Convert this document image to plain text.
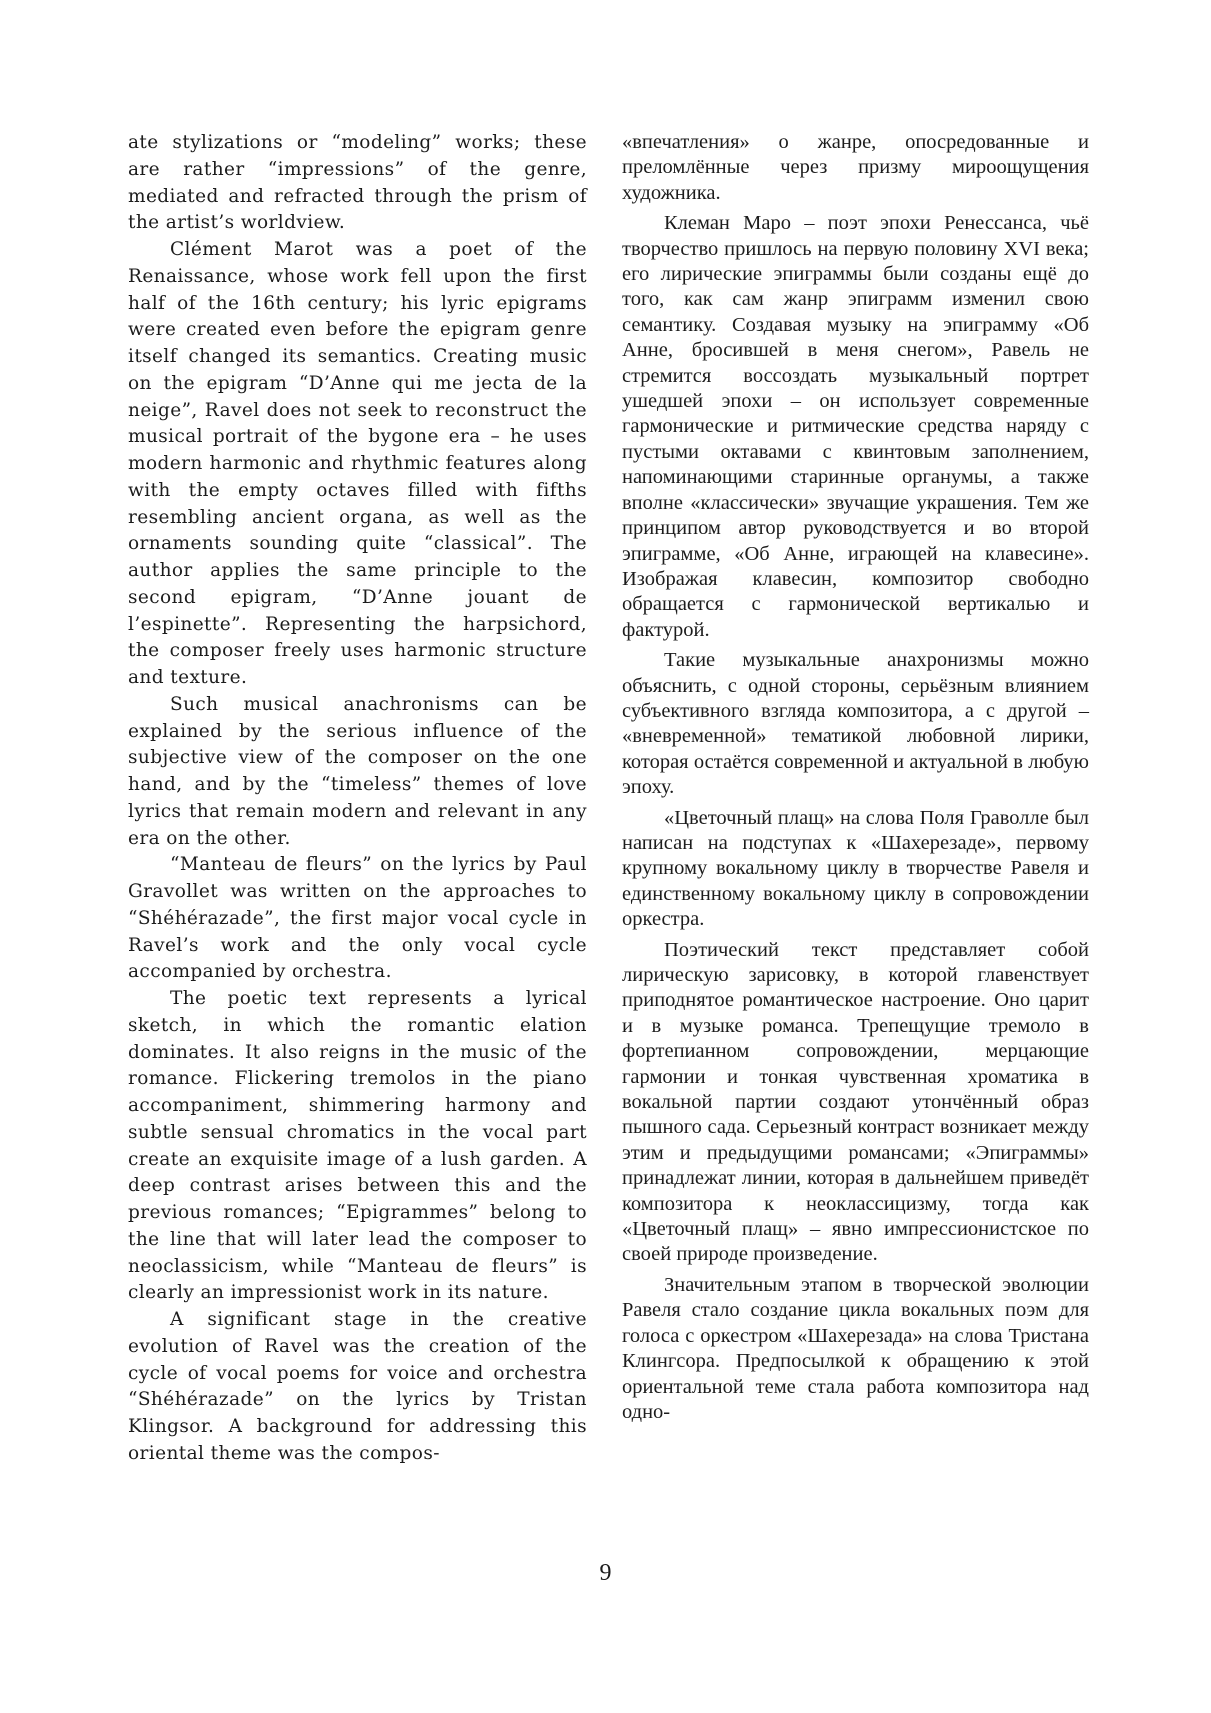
ate stylizations or “modeling” works; these are rather “impressions” of the genre, mediated and refracted through the prism of the artist’s worldview.

Clément Marot was a poet of the Renaissance, whose work fell upon the first half of the 16th century; his lyric epigrams were created even before the epigram genre itself changed its semantics. Creating music on the epigram “D’Anne qui me jecta de la neige”, Ravel does not seek to reconstruct the musical portrait of the bygone era – he uses modern harmonic and rhythmic features along with the empty octaves filled with fifths resembling ancient organa, as well as the ornaments sounding quite “classical”. The author applies the same principle to the second epigram, “D’Anne jouant de l’espinette”. Representing the harpsichord, the composer freely uses harmonic structure and texture.

Such musical anachronisms can be explained by the serious influence of the subjective view of the composer on the one hand, and by the “timeless” themes of love lyrics that remain modern and relevant in any era on the other.

“Manteau de fleurs” on the lyrics by Paul Gravollet was written on the approaches to “Shéhérazade”, the first major vocal cycle in Ravel’s work and the only vocal cycle accompanied by orchestra.

The poetic text represents a lyrical sketch, in which the romantic elation dominates. It also reigns in the music of the romance. Flickering tremolos in the piano accompaniment, shimmering harmony and subtle sensual chromatics in the vocal part create an exquisite image of a lush garden. A deep contrast arises between this and the previous romances; “Epigrammes” belong to the line that will later lead the composer to neoclassicism, while “Manteau de fleurs” is clearly an impressionist work in its nature.

A significant stage in the creative evolution of Ravel was the creation of the cycle of vocal poems for voice and orchestra “Shéhérazade” on the lyrics by Tristan Klingsor. A background for addressing this oriental theme was the compos-

«впечатления» о жанре, опосредованные и преломлённые через призму мироощущения художника.

Клеман Маро – поэт эпохи Ренессанса, чьё творчество пришлось на первую половину XVI века; его лирические эпиграммы были созданы ещё до того, как сам жанр эпиграмм изменил свою семантику. Создавая музыку на эпиграмму «Об Анне, бросившей в меня снегом», Равель не стремится воссоздать музыкальный портрет ушедшей эпохи – он использует современные гармонические и ритмические средства наряду с пустыми октавами с квинтовым заполнением, напоминающими старинные органумы, а также вполне «классически» звучащие украшения. Тем же принципом автор руководствуется и во второй эпиграмме, «Об Анне, играющей на клавесине». Изображая клавесин, композитор свободно обращается с гармонической вертикалью и фактурой.

Такие музыкальные анахронизмы можно объяснить, с одной стороны, серьёзным влиянием субъективного взгляда композитора, а с другой – «вневременной» тематикой любовной лирики, которая остаётся современной и актуальной в любую эпоху.

«Цветочный плащ» на слова Поля Граволле был написан на подступах к «Шахерезаде», первому крупному вокальному циклу в творчестве Равеля и единственному вокальному циклу в сопровождении оркестра.

Поэтический текст представляет собой лирическую зарисовку, в которой главенствует приподнятое романтическое настроение. Оно царит и в музыке романса. Трепещущие тремоло в фортепианном сопровождении, мерцающие гармонии и тонкая чувственная хроматика в вокальной партии создают утончённый образ пышного сада. Серьезный контраст возникает между этим и предыдущими романсами; «Эпиграммы» принадлежат линии, которая в дальнейшем приведёт композитора к неоклассицизму, тогда как «Цветочный плащ» – явно импрессионистское по своей природе произведение.

Значительным этапом в творческой эволюции Равеля стало создание цикла вокальных поэм для голоса с оркестром «Шахерезада» на слова Тристана Клингсора. Предпосылкой к обращению к этой ориентальной теме стала работа композитора над одно-

9
